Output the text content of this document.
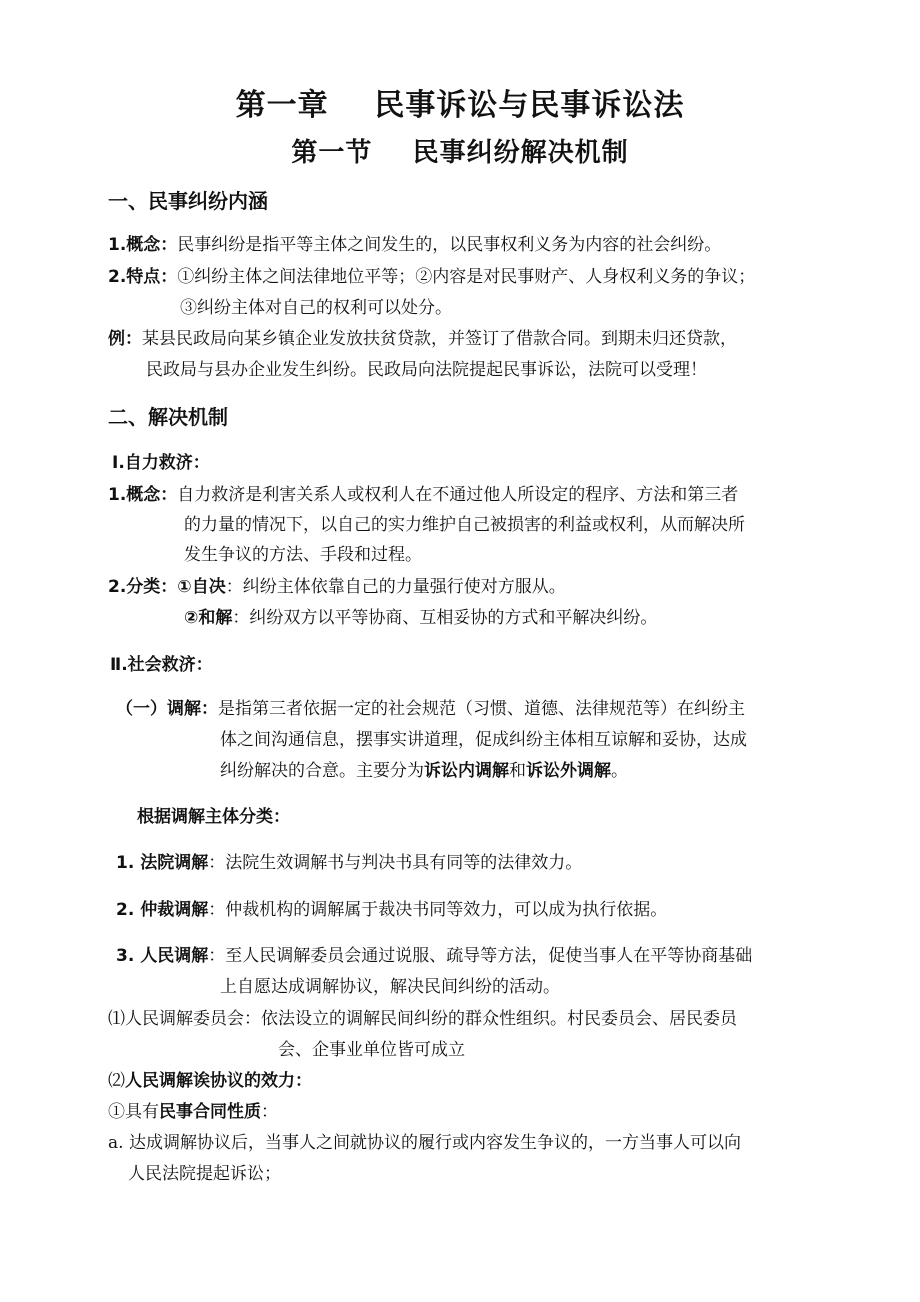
第一章    民事诉讼与民事诉讼法
第一节    民事纠纷解决机制
一、民事纠纷内涵
1.概念：民事纠纷是指平等主体之间发生的，以民事权利义务为内容的社会纠纷。
2.特点：①纠纷主体之间法律地位平等；②内容是对民事财产、人身权利义务的争议；
③纠纷主体对自己的权利可以处分。
例：某县民政局向某乡镇企业发放扶贫贷款，并签订了借款合同。到期未归还贷款，
民政局与县办企业发生纠纷。民政局向法院提起民事诉讼，法院可以受理！
二、解决机制
Ⅰ.自力救济：
1.概念：自力救济是利害关系人或权利人在不通过他人所设定的程序、方法和第三者
的力量的情况下，以自己的实力维护自己被损害的利益或权利，从而解决所
发生争议的方法、手段和过程。
2.分类：①自决：纠纷主体依靠自己的力量强行使对方服从。
②和解：纠纷双方以平等协商、互相妥协的方式和平解决纠纷。
Ⅱ.社会救济：
（一）调解：是指第三者依据一定的社会规范（习惯、道德、法律规范等）在纠纷主
体之间沟通信息，摆事实讲道理，促成纠纷主体相互谅解和妥协，达成
纠纷解决的合意。主要分为诉讼内调解和诉讼外调解。
根据调解主体分类：
1. 法院调解：法院生效调解书与判决书具有同等的法律效力。
2. 仲裁调解：仲裁机构的调解属于裁决书同等效力，可以成为执行依据。
3. 人民调解：至人民调解委员会通过说服、疏导等方法，促使当事人在平等协商基础
上自愿达成调解协议，解决民间纠纷的活动。
⑴人民调解委员会：依法设立的调解民间纠纷的群众性组织。村民委员会、居民委员
会、企事业单位皆可成立
⑵人民调解诶协议的效力：
①具有民事合同性质：
a. 达成调解协议后，当事人之间就协议的履行或内容发生争议的，一方当事人可以向
人民法院提起诉讼；
